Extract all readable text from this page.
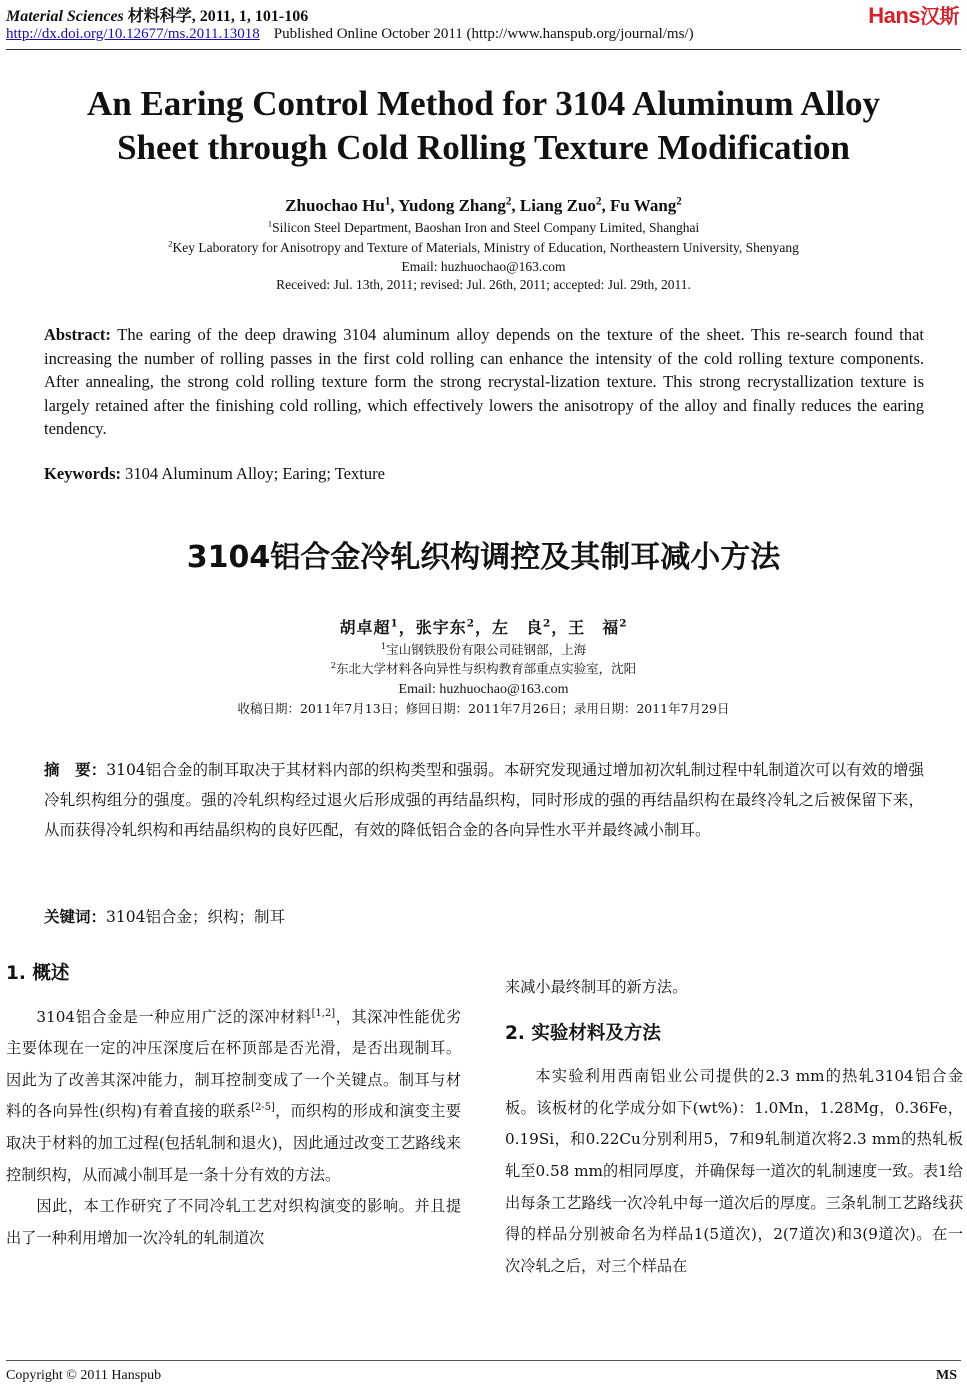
Material Sciences 材料科学, 2011, 1, 101-106	Hans汉斯
http://dx.doi.org/10.12677/ms.2011.13018 Published Online October 2011 (http://www.hanspub.org/journal/ms/)
An Earing Control Method for 3104 Aluminum Alloy
Sheet through Cold Rolling Texture Modification
Zhuochao Hu$^1$, Yudong Zhang$^2$, Liang Zuo$^2$, Fu Wang$^2$
$^1$Silicon Steel Department, Baoshan Iron and Steel Company Limited, Shanghai
$^2$Key Laboratory for Anisotropy and Texture of Materials, Ministry of Education, Northeastern University, Shenyang
Email: huzhuochao@163.com
Received: Jul. 13th, 2011; revised: Jul. 26th, 2011; accepted: Jul. 29th, 2011.
Abstract: The earing of the deep drawing 3104 aluminum alloy depends on the texture of the sheet. This re-search found that increasing the number of rolling passes in the first cold rolling can enhance the intensity of the cold rolling texture components. After annealing, the strong cold rolling texture form the strong recrystal-lization texture. This strong recrystallization texture is largely retained after the finishing cold rolling, which effectively lowers the anisotropy of the alloy and finally reduces the earing tendency.
Keywords: 3104 Aluminum Alloy; Earing; Texture
3104铝合金冷轧织构调控及其制耳减小方法
胡卓超$^1$，张宇东$^2$，左　良$^2$，王　福$^2$
$^1$宝山钢铁股份有限公司硅钢部，上海
$^2$东北大学材料各向异性与织构教育部重点实验室，沈阳
Email: huzhuochao@163.com
收稿日期：2011年7月13日；修回日期：2011年7月26日；录用日期：2011年7月29日
摘　要：3104铝合金的制耳取决于其材料内部的织构类型和强弱。本研究发现通过增加初次轧制过程中轧制道次可以有效的增强冷轧织构组分的强度。强的冷轧织构经过退火后形成强的再结晶织构，同时形成的强的再结晶织构在最终冷轧之后被保留下来，从而获得冷轧织构和再结晶织构的良好匹配，有效的降低铝合金的各向异性水平并最终减小制耳。
关键词：3104铝合金；织构；制耳
1. 概述

3104铝合金是一种应用广泛的深冲材料[1,2]，其深冲性能优劣主要体现在一定的冲压深度后在杯顶部是否光滑，是否出现制耳。因此为了改善其深冲能力，制耳控制变成了一个关键点。制耳与材料的各向异性(织构)有着直接的联系[2-5]，而织构的形成和演变主要取决于材料的加工过程(包括轧制和退火)，因此通过改变工艺路线来控制织构，从而减小制耳是一条十分有效的方法。

因此，本工作研究了不同冷轧工艺对织构演变的影响。并且提出了一种利用增加一次冷轧的轧制道次

来减小最终制耳的新方法。
2. 实验材料及方法

本实验利用西南铝业公司提供的2.3 mm的热轧3104铝合金板。该板材的化学成分如下(wt%)：1.0Mn，1.28Mg，0.36Fe，0.19Si，和0.22Cu分别利用5，7和9轧制道次将2.3 mm的热轧板轧至0.58 mm的相同厚度，并确保每一道次的轧制速度一致。表1给出每条工艺路线一次冷轧中每一道次后的厚度。三条轧制工艺路线获得的样品分别被命名为样品1(5道次)，2(7道次)和3(9道次)。在一次冷轧之后，对三个样品在

Copyright © 2011 Hanspub	MS
